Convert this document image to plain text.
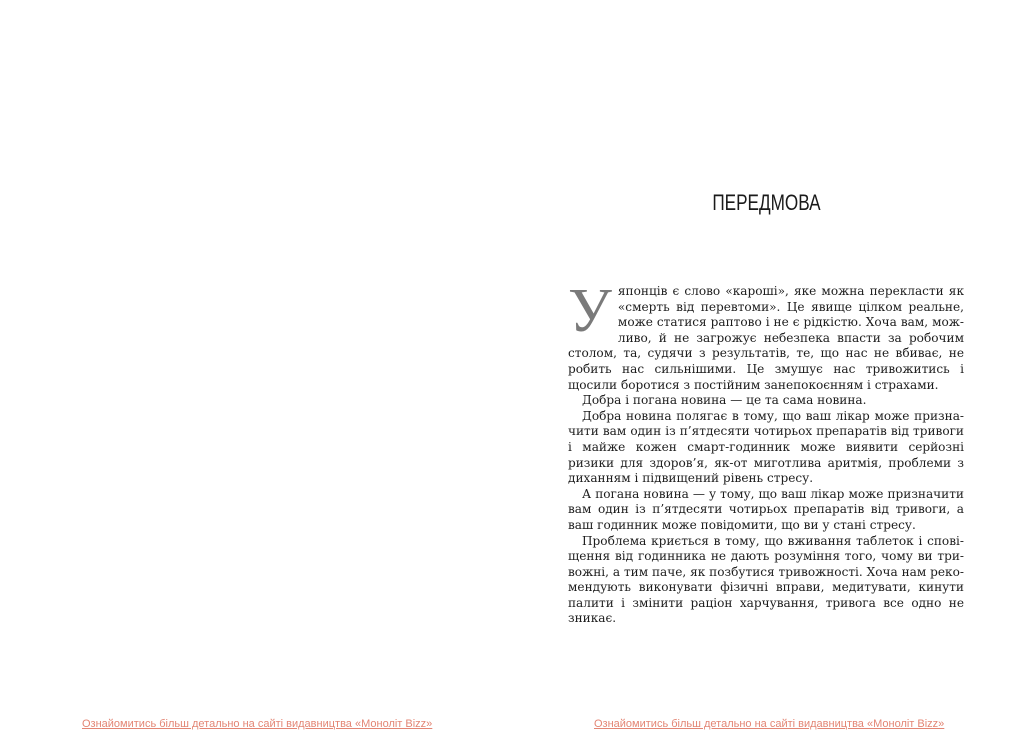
Ознайомитись більш детально на сайті видавництва «Моноліт Bizz»
ПЕРЕДМОВА

Уяпонців є слово «кароші», яке можна перекласти як «смерть від перевтоми». Це явище цілком реальне, може статися раптово і не є рідкістю. Хоча вам, можливо, й не загрожує небезпека впасти за робочим столом, та, судячи з результатів, те, що нас не вбиває, не робить нас сильнішими. Це змушує нас тривожитись і щосили боротися з постійним занепокоєнням і страхами.

Добра і погана новина — це та сама новина.

Добра новина полягає в тому, що ваш лікар може призначити вам один із п’ятдесяти чотирьох препаратів від тривоги і майже кожен смарт-годинник може виявити серйозні ризики для здоров’я, як-от миготлива аритмія, проблеми з диханням і підвищений рівень стресу.

А погана новина — у тому, що ваш лікар може призначити вам один із п’ятдесяти чотирьох препаратів від тривоги, а ваш годинник може повідомити, що ви у стані стресу.

Проблема криється в тому, що вживання таблеток і сповіщення від годинника не дають розуміння того, чому ви тривожні, а тим паче, як позбутися тривожності. Хоча нам рекомендують виконувати фізичні вправи, медитувати, кинути палити і змінити раціон харчування, тривога все одно не зникає.

Ознайомитись більш детально на сайті видавництва «Моноліт Bizz»
